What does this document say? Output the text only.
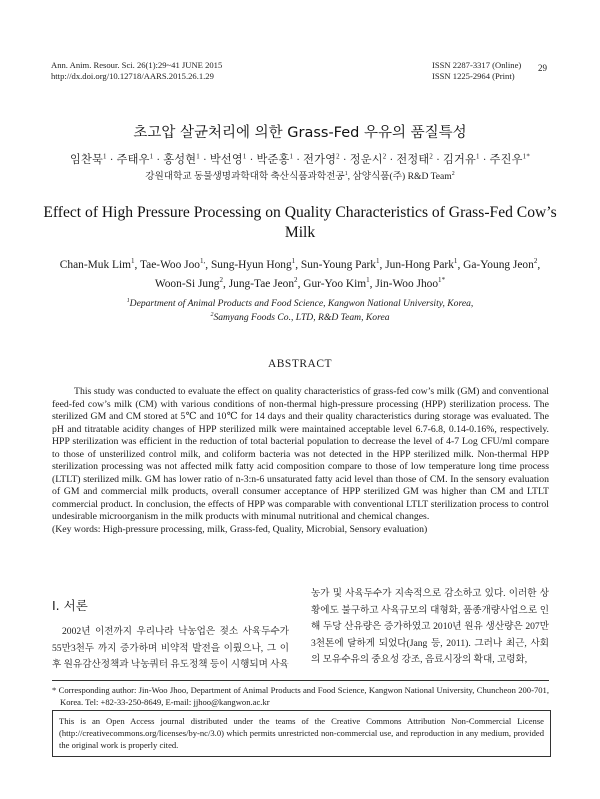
Ann. Anim. Resour. Sci. 26(1):29~41 JUNE 2015
http://dx.doi.org/10.12718/AARS.2015.26.1.29
ISSN 2287-3317 (Online)
ISSN 1225-2964 (Print)
29
초고압 살균처리에 의한 Grass-Fed 우유의 품질특성
임찬묵$^1$ · 주태우$^1$ · 홍성현$^1$ · 박선영$^1$ · 박준홍$^1$ · 전가영$^2$ · 정운시$^2$ · 전정태$^2$ · 김거유$^1$ · 주진우$^{1*}$
강원대학교 동물생명과학대학 축산식품과학전공$^1$, 삼양식품(주) R&D Team$^2$
Effect of High Pressure Processing on Quality Characteristics of Grass-Fed Cow’s Milk
Chan-Muk Lim$^1$, Tae-Woo Joo$^{1,}$, Sung-Hyun Hong$^1$, Sun-Young Park$^1$, Jun-Hong Park$^1$, Ga-Young Jeon$^2$,
Woon-Si Jung$^2$, Jung-Tae Jeon$^2$, Gur-Yoo Kim$^1$, Jin-Woo Jhoo$^{1*}$
$^1$Department of Animal Products and Food Science, Kangwon National University, Korea,
$^2$Samyang Foods Co., LTD, R&D Team, Korea
ABSTRACT

This study was conducted to evaluate the effect on quality characteristics of grass-fed cow’s milk (GM) and conventional feed-fed cow’s milk (CM) with various conditions of non-thermal high-pressure processing (HPP) sterilization process. The sterilized GM and CM stored at 5℃ and 10℃ for 14 days and their quality characteristics during storage was evaluated. The pH and titratable acidity changes of HPP sterilized milk were maintained acceptable level 6.7-6.8, 0.14-0.16%, respectively. HPP sterilization was efficient in the reduction of total bacterial population to decrease the level of 4-7 Log CFU/ml compare to those of unsterilized control milk, and coliform bacteria was not detected in the HPP sterilized milk. Non-thermal HPP sterilization processing was not affected milk fatty acid composition compare to those of low temperature long time process (LTLT) sterilized milk. GM has lower ratio of n-3:n-6 unsaturated fatty acid level than those of CM. In the sensory evaluation of GM and commercial milk products, overall consumer acceptance of HPP sterilized GM was higher than CM and LTLT commercial product. In conclusion, the effects of HPP was comparable with conventional LTLT sterilization process to control undesirable microorganism in the milk products with minumal nutritional and chemical changes.

(Key words: High-pressure processing, milk, Grass-fed, Quality, Microbial, Sensory evaluation)
Ⅰ. 서론

2002년 이전까지 우리나라 낙농업은 젖소 사육두수가 55만3천두 까지 증가하며 비약적 발전을 이뤘으나, 그 이후 원유감산정책과 낙농쿼터 유도정책 등이 시행되며 사육

농가 및 사육두수가 지속적으로 감소하고 있다. 이러한 상황에도 불구하고 사육규모의 대형화, 품종개량사업으로 인해 두당 산유량은 증가하였고 2010년 원유 생산량은 207만 3천톤에 달하게 되었다(Jang 등, 2011). 그러나 최근, 사회의 모유수유의 중요성 강조, 음료시장의 확대, 고령화,

* Corresponding author: Jin-Woo Jhoo, Department of Animal Products and Food Science, Kangwon National University, Chuncheon 200-701, Korea. Tel: +82-33-250-8649, E-mail: jjhoo@kangwon.ac.kr

This is an Open Access journal distributed under the teams of the Creative Commons Attribution Non-Commercial License (http://creativecommons.org/licenses/by-nc/3.0) which permits unrestricted non-commercial use, and reproduction in any medium, provided the original work is properly cited.
